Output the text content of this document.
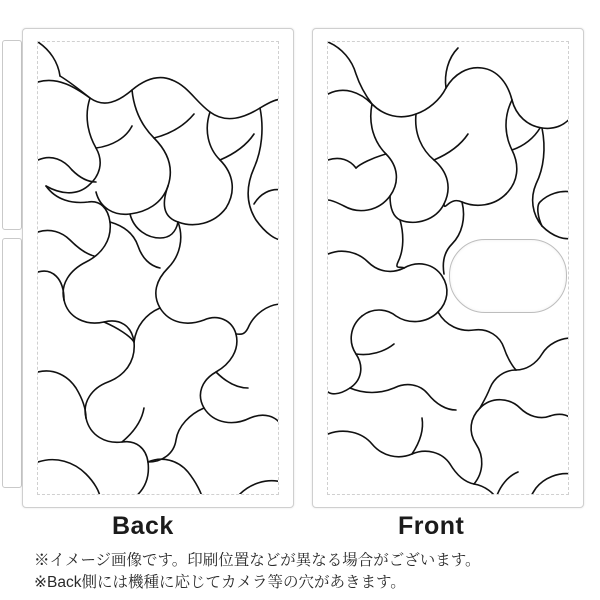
Back	Front
※イメージ画像です。印刷位置などが異なる場合がございます。
※Back側には機種に応じてカメラ等の穴があきます。
